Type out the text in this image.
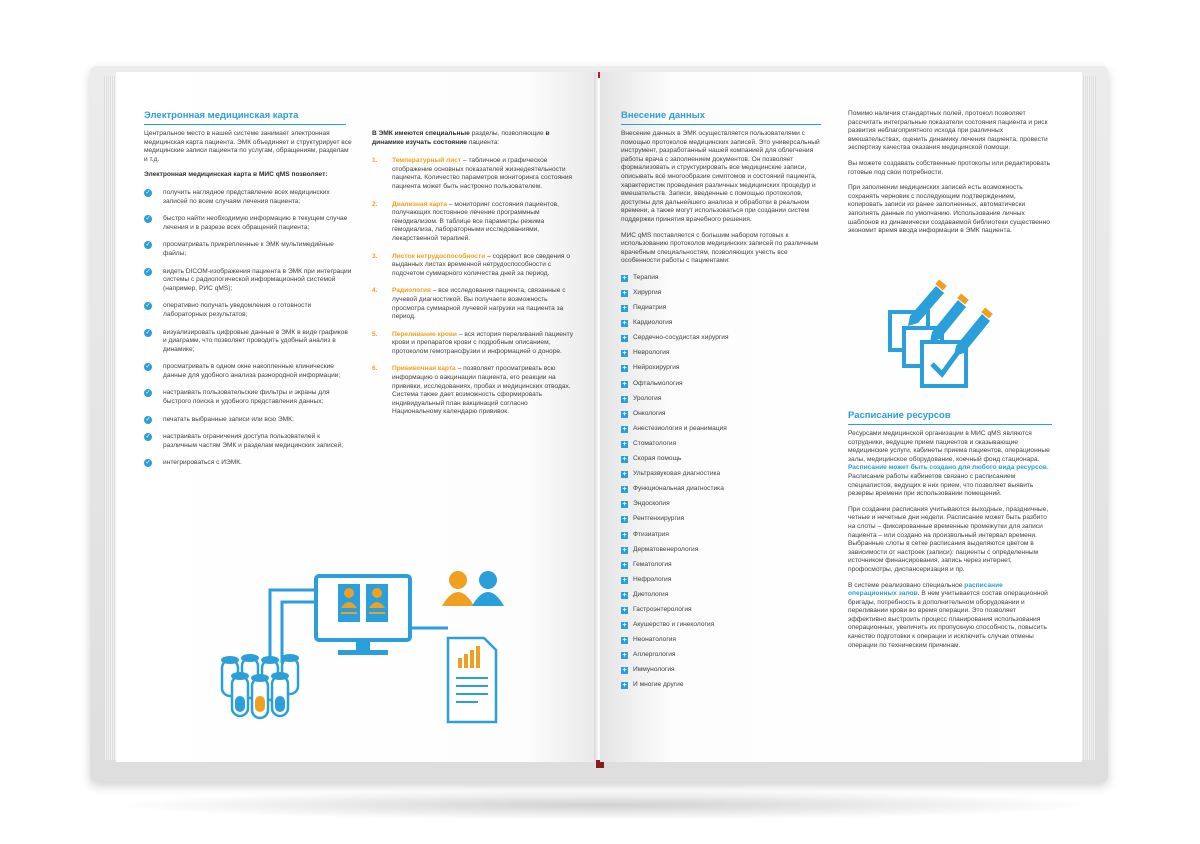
Электронная медицинская карта

Центральное место в нашей системе занимает электронная медицинская карта пациента. ЭМК объединяет и структурирует все медицинские записи пациента по услугам, обращениям, разделам и т.д.

Электронная медицинская карта в МИС qMS позволяет:

✓ получить наглядное представление всех медицинских записей по всем случаям лечения пациента;
✓ быстро найти необходимую информацию в текущем случае лечения и в разрезе всех обращений пациента;
✓ просматривать прикрепленные к ЭМК мультимедийные файлы;
✓ видеть DICOM-изображения пациента в ЭМК при интеграции системы с радиологической информационной системой (например, РИС qMS);
✓ оперативно получать уведомления о готовности лабораторных результатов;
✓ визуализировать цифровые данные в ЭМК в виде графиков и диаграмм, что позволяет проводить удобный анализ в динамике;
✓ просматривать в одном окне накопленные клинические данные для удобного анализа разнородной информации;
✓ настраивать пользовательские фильтры и экраны для быстрого поиска и удобного представления данных;
✓ печатать выбранные записи или всю ЭМК;
✓ настраивать ограничения доступа пользователей к различным частям ЭМК и разделам медицинских записей;
✓ интегрироваться с ИЭМК.

В ЭМК имеются специальные разделы, позволяющие в динамике изучать состояние пациента:

1. Температурный лист – табличное и графическое отображение основных показателей жизнедеятельности пациента. Количество параметров мониторинга состояния пациента может быть настроено пользователем.
2. Диализная карта – мониторинг состояния пациентов, получающих постоянное лечение программным гемодиализом. В таблице все параметры режима гемодиализа, лабораторными исследованиями, лекарственной терапией.
3. Листок нетрудоспособности – содержит все сведения о выданных листах временной нетрудоспособности с подсчетом суммарного количества дней за период.
4. Радиология – все исследования пациента, связанные с лучевой диагностикой. Вы получаете возможность просмотра суммарной лучевой нагрузки на пациента за период.
5. Переливание крови – вся история переливаний пациенту крови и препаратов крови с подробным описанием, протоколом гемотрансфузии и информацией о доноре.
6. Прививочная карта – позволяет просматривать всю информацию о вакцинации пациента, его реакции на прививки, исследованиях, пробах и медицинских отводах. Система также дает возможность сформировать индивидуальный план вакцинаций согласно Национальному календарю прививок.
Внесение данных

Внесение данных в ЭМК осуществляется пользователями с помощью протоколов медицинских записей. Это универсальный инструмент, разработанный нашей компанией для облегчения работы врача с заполнением документов. Он позволяет формализовать и структурировать все медицинские записи, описывать всё многообразие симптомов и состояний пациента, характеристик проведения различных медицинских процедур и вмешательств. Записи, введенные с помощью протоколов, доступны для дальнейшего анализа и обработки в реальном времени, а также могут использоваться при создании систем поддержки принятия врачебного решения.

МИС qMS поставляется с большим набором готовых к использованию протоколов медицинских записей по различным врачебным специальностям, позволяющих учесть все особенности работы с пациентами:

+ Терапия
+ Хирургия
+ Педиатрия
+ Кардиология
+ Сердечно-сосудистая хирургия
+ Неврология
+ Нейрохирургия
+ Офтальмология
+ Урология
+ Онкология
+ Анестезиология и реанимация
+ Стоматология
+ Скорая помощь
+ Ультразвуковая диагностика
+ Функциональная диагностика
+ Эндоскопия
+ Рентгенхирургия
+ Фтизиатрия
+ Дерматовенерология
+ Гематология
+ Нефрология
+ Диетология
+ Гастроэнтерология
+ Акушерство и гинекология
+ Неонатология
+ Аллергология
+ Иммунология
+ И многие другие

Помимо наличия стандартных полей, протокол позволяет рассчитать интегральные показатели состояния пациента и риск развития неблагоприятного исхода при различных вмешательствах, оценить динамику лечения пациента, провести экспертизу качества оказания медицинской помощи.

Вы можете создавать собственные протоколы или редактировать готовые под свои потребности.

При заполнении медицинских записей есть возможность сохранять черновик с последующим подтверждением, копировать записи из ранее заполненных, автоматически заполнять данные по умолчанию. Использование личных шаблонов из динамически создаваемой библиотеки существенно экономит время ввода информации в ЭМК пациента.

Расписание ресурсов

Ресурсами медицинской организации в МИС qMS являются сотрудники, ведущие прием пациентов и оказывающие медицинские услуги, кабинеты приема пациентов, операционные залы, медицинское оборудование, коечный фонд стационара. Расписание может быть создано для любого вида ресурсов. Расписание работы кабинетов связано с расписанием специалистов, ведущих в них прием, что позволяет выявить резервы времени при использовании помещений.

При создании расписания учитываются выходные, праздничные, четные и нечетные дни недели. Расписание может быть разбито на слоты – фиксированные временные промежутки для записи пациента – или создано на произвольный интервал времени. Выбранные слоты в сетке расписания выделяются цветом в зависимости от настроек (записи): пациенты с определенным источником финансирования, запись через интернет, профосмотры, диспансеризация и пр.

В системе реализовано специальное расписание операционных залов. В нем учитывается состав операционной бригады, потребность в дополнительном оборудовании и переливании крови во время операции. Это позволяет эффективно выстроить процесс планирования использования операционных, увеличить их пропускную способность, повысить качество подготовки к операции и исключить случаи отмены операции по техническим причинам.
